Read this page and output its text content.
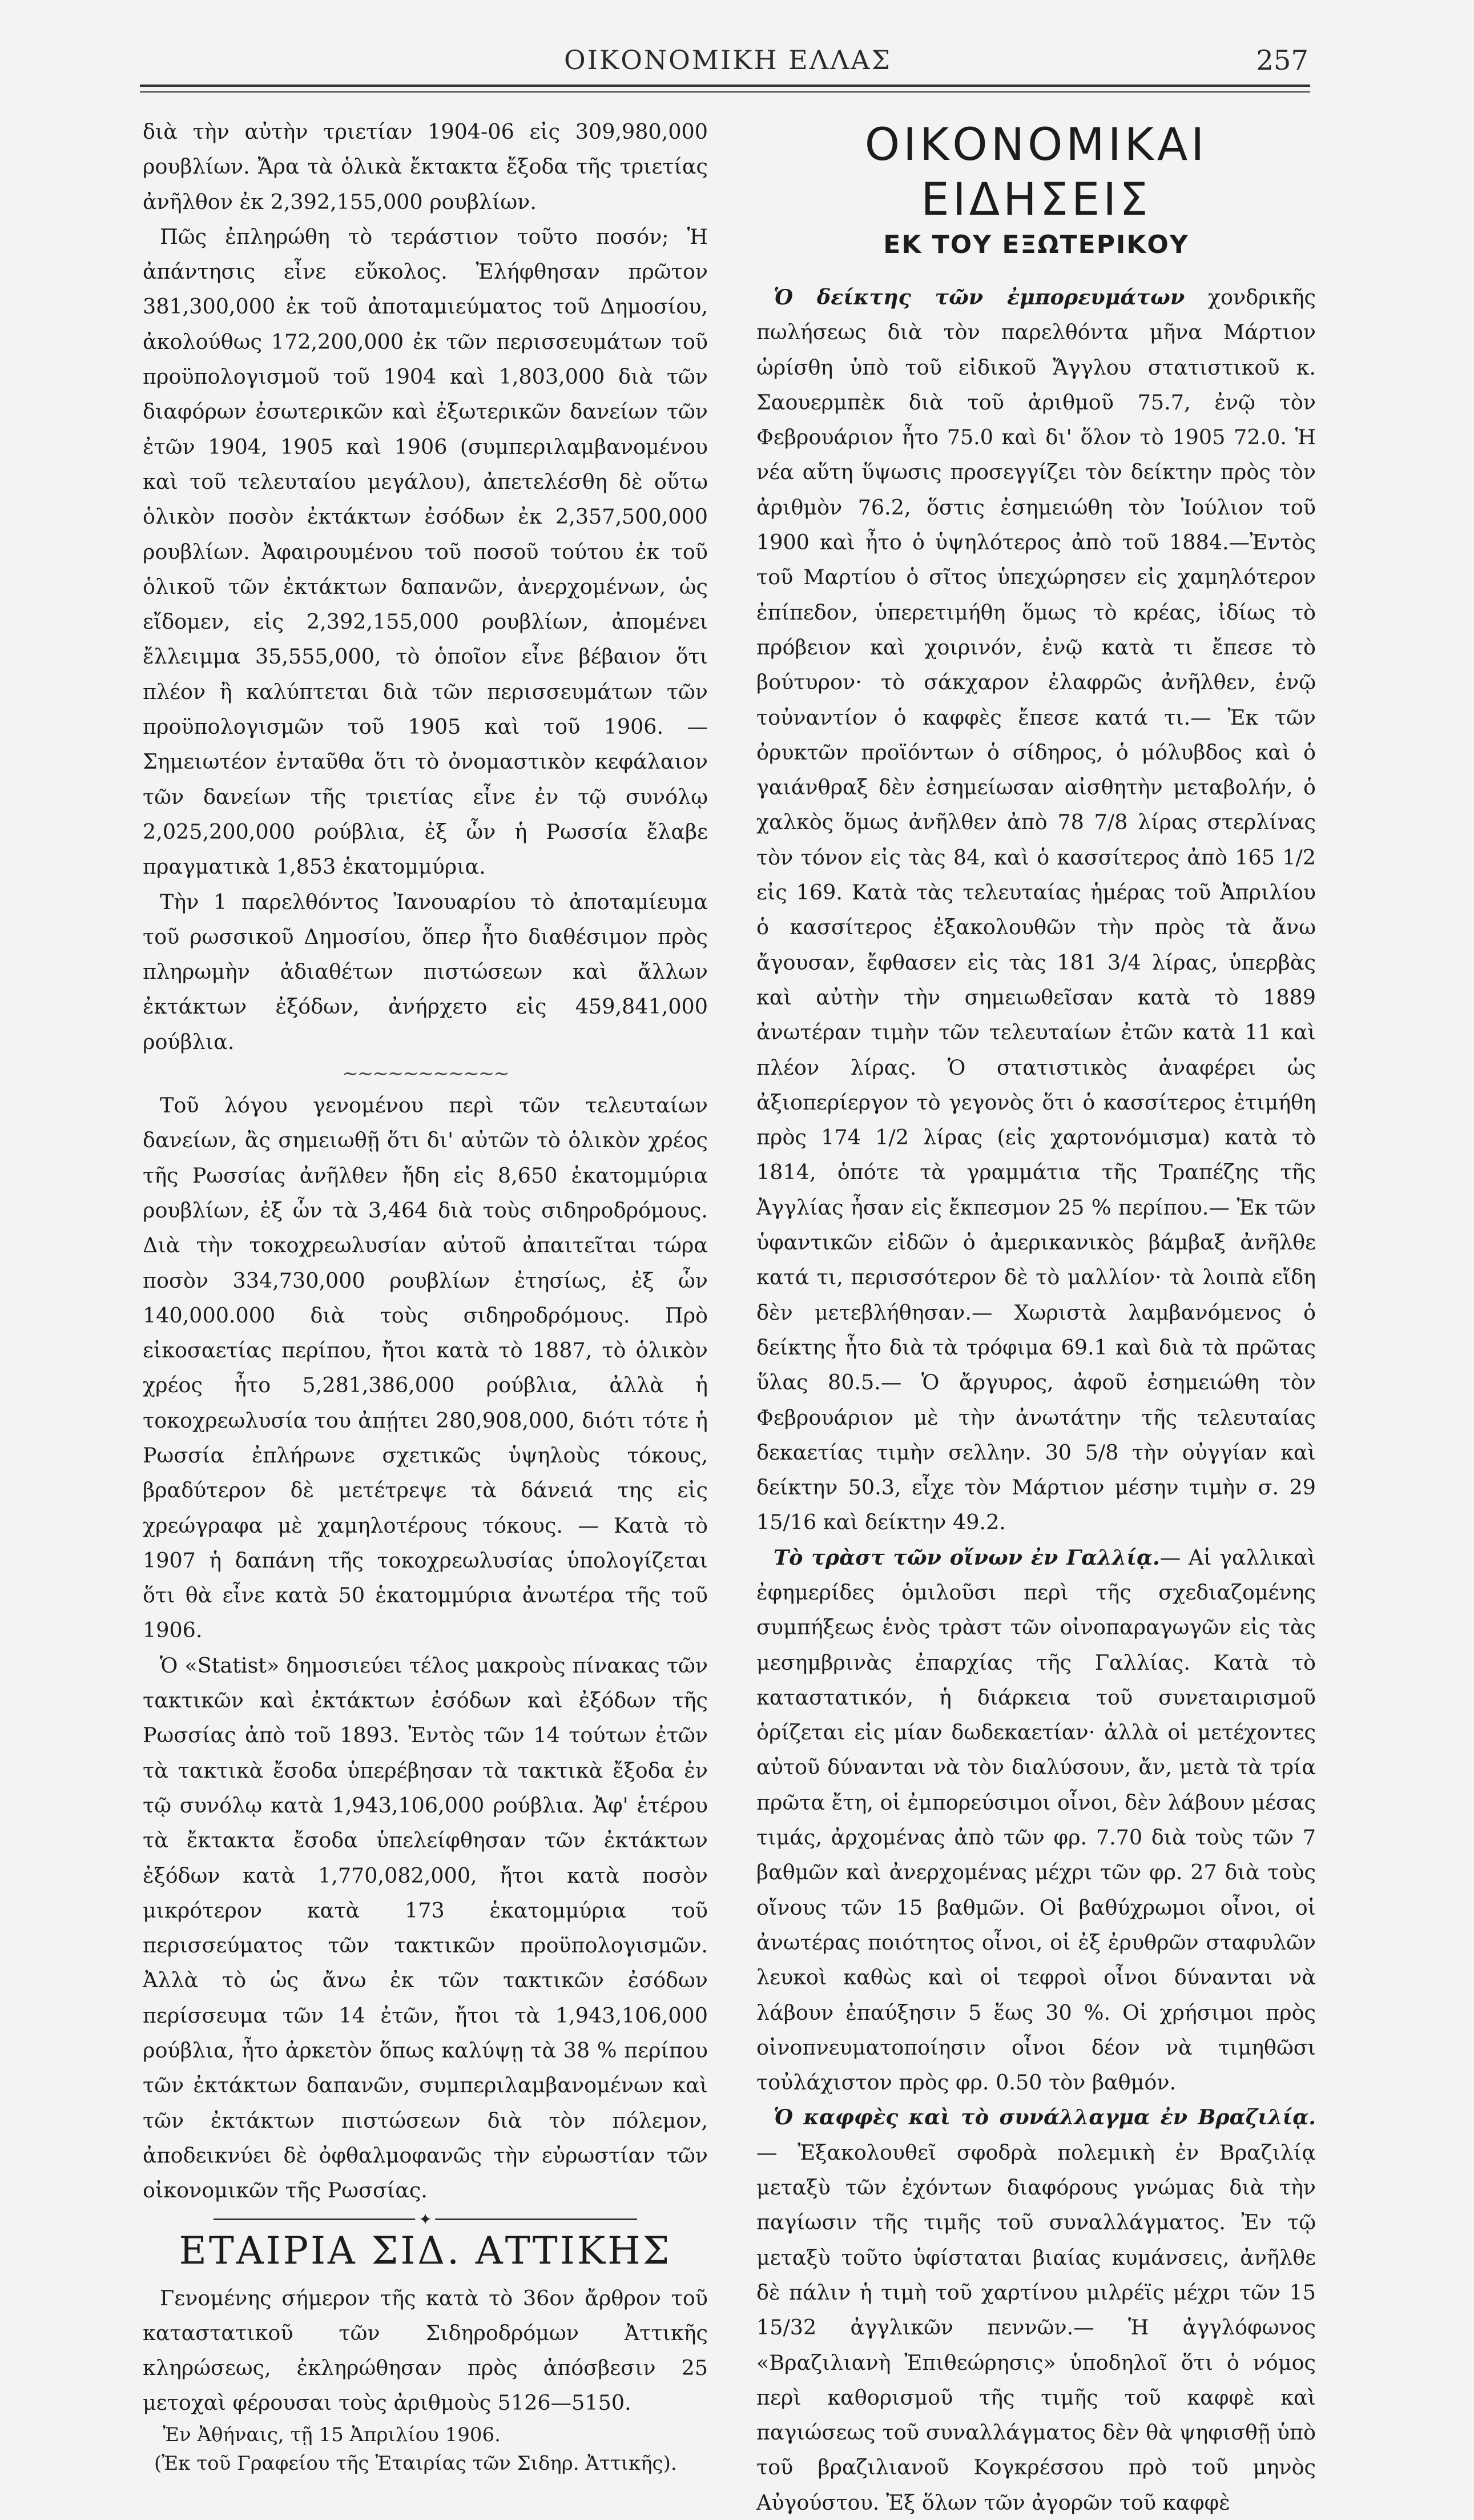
ΟΙΚΟΝΟΜΙΚΗ ΕΛΛΑΣ	257

διὰ τὴν αὐτὴν τριετίαν 1904-06 εἰς 309,980,000 ρουβλίων. Ἄρα τὰ ὁλικὰ ἔκτακτα ἔξοδα τῆς τριετίας ἀνῆλθον ἐκ 2,392,155,000 ρουβλίων.

Πῶς ἐπληρώθη τὸ τεράστιον τοῦτο ποσόν; Ἡ ἀπάντησις εἶνε εὔκολος. Ἐλήφθησαν πρῶτον 381,300,000 ἐκ τοῦ ἀποταμιεύματος τοῦ Δημοσίου, ἀκολούθως 172,200,000 ἐκ τῶν περισσευμάτων τοῦ προϋπολογισμοῦ τοῦ 1904 καὶ 1,803,000 διὰ τῶν διαφόρων ἐσωτερικῶν καὶ ἐξωτερικῶν δανείων τῶν ἐτῶν 1904, 1905 καὶ 1906 (συμπεριλαμβανομένου καὶ τοῦ τελευταίου μεγάλου), ἀπετελέσθη δὲ οὕτω ὁλικὸν ποσὸν ἐκτάκτων ἐσόδων ἐκ 2,357,500,000 ρουβλίων. Ἀφαιρουμένου τοῦ ποσοῦ τούτου ἐκ τοῦ ὁλικοῦ τῶν ἐκτάκτων δαπανῶν, ἀνερχομένων, ὡς εἴδομεν, εἰς 2,392,155,000 ρουβλίων, ἀπομένει ἔλλειμμα 35,555,000, τὸ ὁποῖον εἶνε βέβαιον ὅτι πλέον ἢ καλύπτεται διὰ τῶν περισσευμάτων τῶν προϋπολογισμῶν τοῦ 1905 καὶ τοῦ 1906. — Σημειωτέον ἐνταῦθα ὅτι τὸ ὀνομαστικὸν κεφάλαιον τῶν δανείων τῆς τριετίας εἶνε ἐν τῷ συνόλῳ 2,025,200,000 ρούβλια, ἐξ ὧν ἡ Ρωσσία ἔλαβε πραγματικὰ 1,853 ἑκατομμύρια.

Τὴν 1 παρελθόντος Ἰανουαρίου τὸ ἀποταμίευμα τοῦ ρωσσικοῦ Δημοσίου, ὅπερ ἦτο διαθέσιμον πρὸς πληρωμὴν ἀδιαθέτων πιστώσεων καὶ ἄλλων ἐκτάκτων ἐξόδων, ἀνήρχετο εἰς 459,841,000 ρούβλια.

~~~~~~~~~~~

Τοῦ λόγου γενομένου περὶ τῶν τελευταίων δανείων, ἂς σημειωθῇ ὅτι δι' αὐτῶν τὸ ὁλικὸν χρέος τῆς Ρωσσίας ἀνῆλθεν ἤδη εἰς 8,650 ἑκατομμύρια ρουβλίων, ἐξ ὧν τὰ 3,464 διὰ τοὺς σιδηροδρόμους. Διὰ τὴν τοκοχρεωλυσίαν αὐτοῦ ἀπαιτεῖται τώρα ποσὸν 334,730,000 ρουβλίων ἐτησίως, ἐξ ὧν 140,000.000 διὰ τοὺς σιδηροδρόμους. Πρὸ εἰκοσαετίας περίπου, ἤτοι κατὰ τὸ 1887, τὸ ὁλικὸν χρέος ἦτο 5,281,386,000 ρούβλια, ἀλλὰ ἡ τοκοχρεωλυσία του ἀπῄτει 280,908,000, διότι τότε ἡ Ρωσσία ἐπλήρωνε σχετικῶς ὑψηλοὺς τόκους, βραδύτερον δὲ μετέτρεψε τὰ δάνειά της εἰς χρεώγραφα μὲ χαμηλοτέρους τόκους. — Κατὰ τὸ 1907 ἡ δαπάνη τῆς τοκοχρεωλυσίας ὑπολογίζεται ὅτι θὰ εἶνε κατὰ 50 ἑκατομμύρια ἀνωτέρα τῆς τοῦ 1906.

Ὁ «Statist» δημοσιεύει τέλος μακροὺς πίνακας τῶν τακτικῶν καὶ ἐκτάκτων ἐσόδων καὶ ἐξόδων τῆς Ρωσσίας ἀπὸ τοῦ 1893. Ἐντὸς τῶν 14 τούτων ἐτῶν τὰ τακτικὰ ἔσοδα ὑπερέβησαν τὰ τακτικὰ ἔξοδα ἐν τῷ συνόλῳ κατὰ 1,943,106,000 ρούβλια. Ἀφ' ἑτέρου τὰ ἔκτακτα ἔσοδα ὑπελείφθησαν τῶν ἐκτάκτων ἐξόδων κατὰ 1,770,082,000, ἤτοι κατὰ ποσὸν μικρότερον κατὰ 173 ἑκατομμύρια τοῦ περισσεύματος τῶν τακτικῶν προϋπολογισμῶν. Ἀλλὰ τὸ ὡς ἄνω ἐκ τῶν τακτικῶν ἐσόδων περίσσευμα τῶν 14 ἐτῶν, ἤτοι τὰ 1,943,106,000 ρούβλια, ἦτο ἀρκετὸν ὅπως καλύψῃ τὰ 38 % περίπου τῶν ἐκτάκτων δαπανῶν, συμπεριλαμβανομένων καὶ τῶν ἐκτάκτων πιστώσεων διὰ τὸν πόλεμον, ἀποδεικνύει δὲ ὀφθαλμοφανῶς τὴν εὐρωστίαν τῶν οἰκονομικῶν τῆς Ρωσσίας.

✦
ΕΤΑΙΡΙΑ ΣΙΔ. ΑΤΤΙΚΗΣ

Γενομένης σήμερον τῆς κατὰ τὸ 36ον ἄρθρον τοῦ καταστατικοῦ τῶν Σιδηροδρόμων Ἀττικῆς κληρώσεως, ἐκληρώθησαν πρὸς ἀπόσβεσιν 25 μετοχαὶ φέρουσαι τοὺς ἀριθμοὺς 5126—5150.

Ἐν Ἀθήναις, τῇ 15 Ἀπριλίου 1906.

(Ἐκ τοῦ Γραφείου τῆς Ἐταιρίας τῶν Σιδηρ. Ἀττικῆς).

ΟΙΚΟΝΟΜΙΚΑΙ ΕΙΔΗΣΕΙΣ
ΕΚ ΤΟΥ ΕΞΩΤΕΡΙΚΟΥ

Ὁ δείκτης τῶν ἐμπορευμάτων χονδρικῆς πωλήσεως διὰ τὸν παρελθόντα μῆνα Μάρτιον ὡρίσθη ὑπὸ τοῦ εἰδικοῦ Ἄγγλου στατιστικοῦ κ. Σαουερμπὲκ διὰ τοῦ ἀριθμοῦ 75.7, ἐνῷ τὸν Φεβρουάριον ἦτο 75.0 καὶ δι' ὅλον τὸ 1905 72.0. Ἡ νέα αὕτη ὕψωσις προσεγγίζει τὸν δείκτην πρὸς τὸν ἀριθμὸν 76.2, ὅστις ἐσημειώθη τὸν Ἰούλιον τοῦ 1900 καὶ ἦτο ὁ ὑψηλότερος ἀπὸ τοῦ 1884.—Ἐντὸς τοῦ Μαρτίου ὁ σῖτος ὑπεχώρησεν εἰς χαμηλότερον ἐπίπεδον, ὑπερετιμήθη ὅμως τὸ κρέας, ἰδίως τὸ πρόβειον καὶ χοιρινόν, ἐνῷ κατὰ τι ἔπεσε τὸ βούτυρον· τὸ σάκχαρον ἐλαφρῶς ἀνῆλθεν, ἐνῷ τοὐναντίον ὁ καφφὲς ἔπεσε κατά τι.— Ἐκ τῶν ὀρυκτῶν προϊόντων ὁ σίδηρος, ὁ μόλυβδος καὶ ὁ γαιάνθραξ δὲν ἐσημείωσαν αἰσθητὴν μεταβολήν, ὁ χαλκὸς ὅμως ἀνῆλθεν ἀπὸ 78 7/8 λίρας στερλίνας τὸν τόνον εἰς τὰς 84, καὶ ὁ κασσίτερος ἀπὸ 165 1/2 εἰς 169. Κατὰ τὰς τελευταίας ἡμέρας τοῦ Ἀπριλίου ὁ κασσίτερος ἐξακολουθῶν τὴν πρὸς τὰ ἄνω ἄγουσαν, ἔφθασεν εἰς τὰς 181 3/4 λίρας, ὑπερβὰς καὶ αὐτὴν τὴν σημειωθεῖσαν κατὰ τὸ 1889 ἀνωτέραν τιμὴν τῶν τελευταίων ἐτῶν κατὰ 11 καὶ πλέον λίρας. Ὁ στατιστικὸς ἀναφέρει ὡς ἀξιοπερίεργον τὸ γεγονὸς ὅτι ὁ κασσίτερος ἐτιμήθη πρὸς 174 1/2 λίρας (εἰς χαρτονόμισμα) κατὰ τὸ 1814, ὁπότε τὰ γραμμάτια τῆς Τραπέζης τῆς Ἀγγλίας ἦσαν εἰς ἔκπεσμον 25 % περίπου.— Ἐκ τῶν ὑφαντικῶν εἰδῶν ὁ ἀμερικανικὸς βάμβαξ ἀνῆλθε κατά τι, περισσότερον δὲ τὸ μαλλίον· τὰ λοιπὰ εἴδη δὲν μετεβλήθησαν.— Χωριστὰ λαμβανόμενος ὁ δείκτης ἦτο διὰ τὰ τρόφιμα 69.1 καὶ διὰ τὰ πρῶτας ὕλας 80.5.— Ὁ ἄργυρος, ἀφοῦ ἐσημειώθη τὸν Φεβρουάριον μὲ τὴν ἀνωτάτην τῆς τελευταίας δεκαετίας τιμὴν σελλην. 30 5/8 τὴν οὐγγίαν καὶ δείκτην 50.3, εἶχε τὸν Μάρτιον μέσην τιμὴν σ. 29 15/16 καὶ δείκτην 49.2.

Τὸ τρὰστ τῶν οἴνων ἐν Γαλλίᾳ.— Αἱ γαλλικαὶ ἐφημερίδες ὁμιλοῦσι περὶ τῆς σχεδιαζομένης συμπήξεως ἑνὸς τρὰστ τῶν οἰνοπαραγωγῶν εἰς τὰς μεσημβρινὰς ἐπαρχίας τῆς Γαλλίας. Κατὰ τὸ καταστατικόν, ἡ διάρκεια τοῦ συνεταιρισμοῦ ὁρίζεται εἰς μίαν δωδεκαετίαν· ἀλλὰ οἱ μετέχοντες αὐτοῦ δύνανται νὰ τὸν διαλύσουν, ἄν, μετὰ τὰ τρία πρῶτα ἔτη, οἱ ἐμπορεύσιμοι οἶνοι, δὲν λάβουν μέσας τιμάς, ἀρχομένας ἀπὸ τῶν φρ. 7.70 διὰ τοὺς τῶν 7 βαθμῶν καὶ ἀνερχομένας μέχρι τῶν φρ. 27 διὰ τοὺς οἴνους τῶν 15 βαθμῶν. Οἱ βαθύχρωμοι οἶνοι, οἱ ἀνωτέρας ποιότητος οἶνοι, οἱ ἐξ ἐρυθρῶν σταφυλῶν λευκοὶ καθὼς καὶ οἱ τεφροὶ οἶνοι δύνανται νὰ λάβουν ἐπαύξησιν 5 ἕως 30 %. Οἱ χρήσιμοι πρὸς οἰνοπνευματοποίησιν οἶνοι δέον νὰ τιμηθῶσι τοὐλάχιστον πρὸς φρ. 0.50 τὸν βαθμόν.

Ὁ καφφὲς καὶ τὸ συνάλλαγμα ἐν Βραζιλίᾳ.— Ἐξακολουθεῖ σφοδρὰ πολεμικὴ ἐν Βραζιλίᾳ μεταξὺ τῶν ἐχόντων διαφόρους γνώμας διὰ τὴν παγίωσιν τῆς τιμῆς τοῦ συναλλάγματος. Ἐν τῷ μεταξὺ τοῦτο ὑφίσταται βιαίας κυμάνσεις, ἀνῆλθε δὲ πάλιν ἡ τιμὴ τοῦ χαρτίνου μιλρέϊς μέχρι τῶν 15 15/32 ἀγγλικῶν πεννῶν.— Ἡ ἀγγλόφωνος «Βραζιλιανὴ Ἐπιθεώρησις» ὑποδηλοῖ ὅτι ὁ νόμος περὶ καθορισμοῦ τῆς τιμῆς τοῦ καφφὲ καὶ παγιώσεως τοῦ συναλλάγματος δὲν θὰ ψηφισθῇ ὑπὸ τοῦ βραζιλιανοῦ Κογκρέσσου πρὸ τοῦ μηνὸς Αὐγούστου. Ἐξ ὅλων τῶν ἀγορῶν τοῦ καφφὲ
